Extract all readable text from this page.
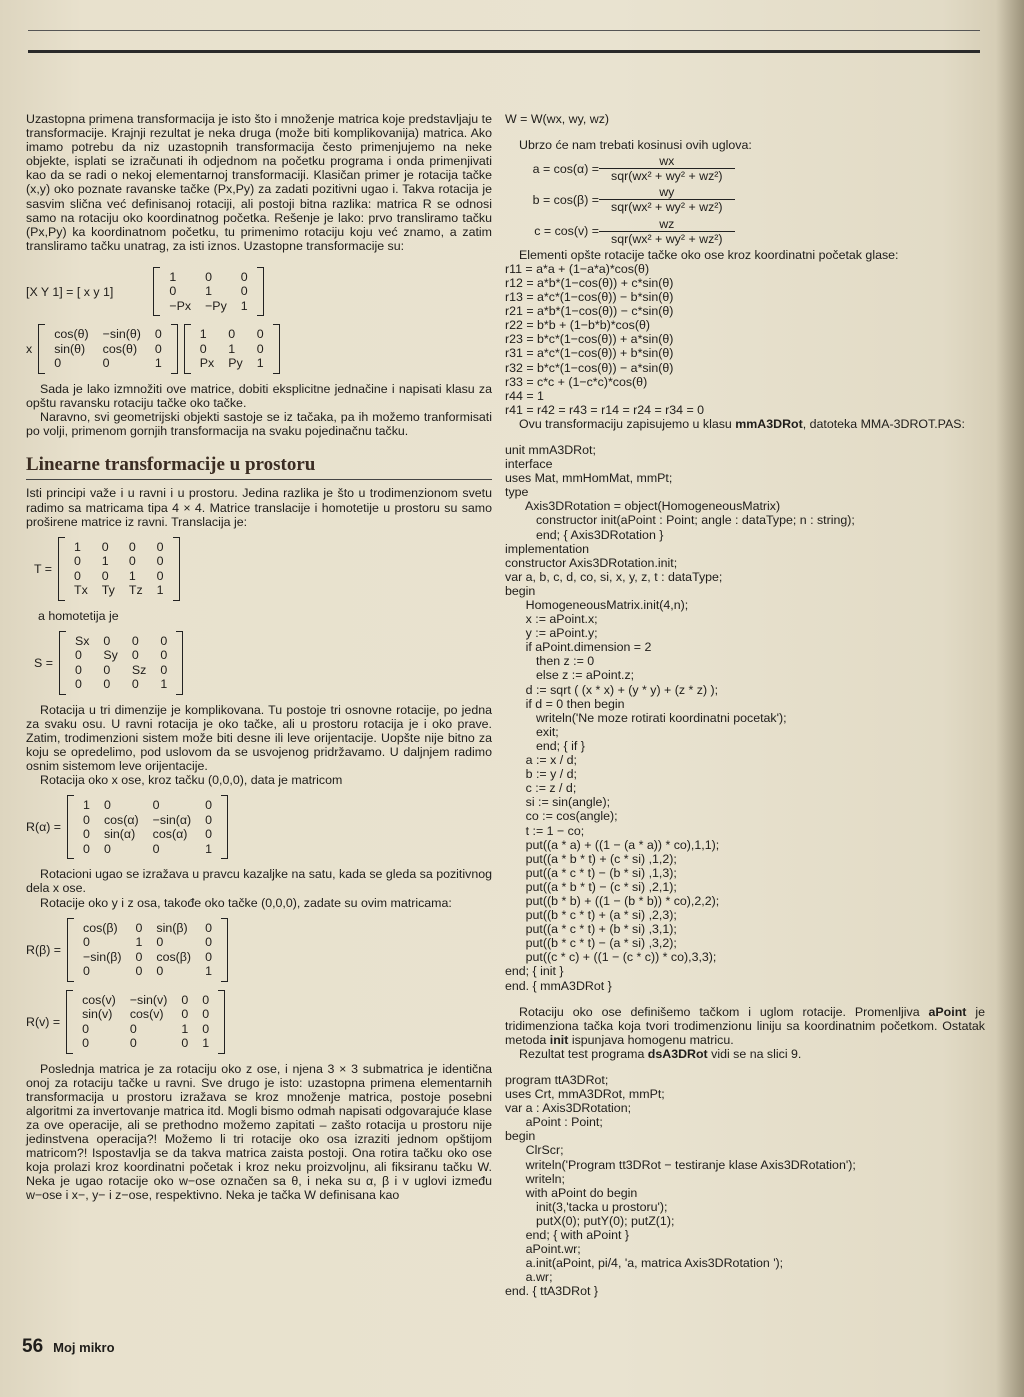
Uzastopna primena transformacija je isto što i množenje matrica koje predstavljaju te transformacije. Krajnji rezultat je neka druga (može biti komplikovanija) matrica. Ako imamo potrebu da niz uzastopnih transformacija često primenjujemo na neke objekte, isplati se izračunati ih odjednom na početku programa i onda primenjivati kao da se radi o nekoj elementarnoj transformaciji. Klasičan primer je rotacija tačke (x,y) oko poznate ravanske tačke (Px,Py) za zadati pozitivni ugao i. Takva rotacija je sasvim slična već definisanoj rotaciji, ali postoji bitna razlika: matrica R se odnosi samo na rotaciju oko koordinatnog početka. Rešenje je lako: prvo transliramo tačku (Px,Py) ka koordinatnom početku, tu primenimo rotaciju koju već znamo, a zatim transliramo tačku unatrag, za isti iznos. Uzastopne transformacije su:

[X Y 1] = [ x y 1]
1	0	0
0	1	0
−Px	−Py	1
x
cos(θ)	−sin(θ)	0
sin(θ)	cos(θ)	0
0	0	1
1	0	0
0	1	0
Px	Py	1

Sada je lako izmnožiti ove matrice, dobiti eksplicitne jednačine i napisati klasu za opštu ravansku rotaciju tačke oko tačke.

Naravno, svi geometrijski objekti sastoje se iz tačaka, pa ih možemo tranformisati po volji, primenom gornjih transformacija na svaku pojedinačnu tačku.

Linearne transformacije u prostoru

Isti principi važe i u ravni i u prostoru. Jedina razlika je što u trodimenzionom svetu radimo sa matricama tipa 4 × 4. Matrice translacije i homotetije u prostoru su samo proširene matrice iz ravni. Translacija je:

T =
1	0	0	0
0	1	0	0
0	0	1	0
Tx	Ty	Tz	1

a homotetija je

S =
Sx	0	0	0
0	Sy	0	0
0	0	Sz	0
0	0	0	1

Rotacija u tri dimenzije je komplikovana. Tu postoje tri osnovne rotacije, po jedna za svaku osu. U ravni rotacija je oko tačke, ali u prostoru rotacija je i oko prave. Zatim, trodimenzioni sistem može biti desne ili leve orijentacije. Uopšte nije bitno za koju se opredelimo, pod uslovom da se usvojenog pridržavamo. U daljnjem radimo osnim sistemom leve orijentacije.

Rotacija oko x ose, kroz tačku (0,0,0), data je matricom

R(α) =
1	0	0	0
0	cos(α)	−sin(α)	0
0	sin(α)	cos(α)	0
0	0	0	1

Rotacioni ugao se izražava u pravcu kazaljke na satu, kada se gleda sa pozitivnog dela x ose.

Rotacije oko y i z osa, takođe oko tačke (0,0,0), zadate su ovim matricama:

R(β) =
cos(β)	0	sin(β)	0
0	1	0	0
−sin(β)	0	cos(β)	0
0	0	0	1
R(v) =
cos(v)	−sin(v)	0	0
sin(v)	cos(v)	0	0
0	0	1	0
0	0	0	1

Poslednja matrica je za rotaciju oko z ose, i njena 3 × 3 submatrica je identična onoj za rotaciju tačke u ravni. Sve drugo je isto: uzastopna primena elementarnih transformacija u prostoru izražava se kroz množenje matrica, postoje posebni algoritmi za invertovanje matrica itd. Mogli bismo odmah napisati odgovarajuće klase za ove operacije, ali se prethodno možemo zapitati – zašto rotacija u prostoru nije jedinstvena operacija?! Možemo li tri rotacije oko osa izraziti jednom opštijom matricom?! Ispostavlja se da takva matrica zaista postoji. Ona rotira tačku oko ose koja prolazi kroz koordinatni početak i kroz neku proizvoljnu, ali fiksiranu tačku W. Neka je ugao rotacije oko w−ose označen sa θ, i neka su α, β i v uglovi između w−ose i x−, y− i z−ose, respektivno. Neka je tačka W definisana kao

W = W(wx, wy, wz)

Ubrzo će nam trebati kosinusi ovih uglova:

$a = \cos(\alpha) = \frac{wx}{\text{sqr(wx² + wy² + wz²)}}$
$b = \cos(\beta) = \frac{wy}{\text{sqr(wx² + wy² + wz²)}}$
$c = \cos(v) = \frac{wz}{\text{sqr(wx² + wy² + wz²)}}$

Elementi opšte rotacije tačke oko ose kroz koordinatni početak glase:

r11 = a*a + (1−a*a)*cos(θ)
r12 = a*b*(1−cos(θ)) + c*sin(θ)
r13 = a*c*(1−cos(θ)) − b*sin(θ)
r21 = a*b*(1−cos(θ)) − c*sin(θ)
r22 = b*b + (1−b*b)*cos(θ)
r23 = b*c*(1−cos(θ)) + a*sin(θ)
r31 = a*c*(1−cos(θ)) + b*sin(θ)
r32 = b*c*(1−cos(θ)) − a*sin(θ)
r33 = c*c + (1−c*c)*cos(θ)
r44 = 1
r41 = r42 = r43 = r14 = r24 = r34 = 0

Ovu transformaciju zapisujemo u klasu mmA3DRot, datoteka MMA-3DROT.PAS:

unit mmA3DRot;
interface
uses Mat, mmHomMat, mmPt;
type
Axis3DRotation = object(HomogeneousMatrix)
constructor init(aPoint : Point; angle : dataType; n : string);
end; { Axis3DRotation }
implementation
constructor Axis3DRotation.init;
var a, b, c, d, co, si, x, y, z, t : dataType;
begin
HomogeneousMatrix.init(4,n);
x := aPoint.x;
y := aPoint.y;
if aPoint.dimension = 2
then z := 0
else z := aPoint.z;
d := sqrt ( (x * x) + (y * y) + (z * z) );
if d = 0 then begin
writeln('Ne moze rotirati koordinatni pocetak');
exit;
end; { if }
a := x / d;
b := y / d;
c := z / d;
si := sin(angle);
co := cos(angle);
t := 1 − co;
put((a * a) + ((1 − (a * a)) * co),1,1);
put((a * b * t) + (c * si) ,1,2);
put((a * c * t) − (b * si) ,1,3);
put((a * b * t) − (c * si) ,2,1);
put((b * b) + ((1 − (b * b)) * co),2,2);
put((b * c * t) + (a * si) ,2,3);
put((a * c * t) + (b * si) ,3,1);
put((b * c * t) − (a * si) ,3,2);
put((c * c) + ((1 − (c * c)) * co),3,3);
end; { init }
end. { mmA3DRot }

Rotaciju oko ose definišemo tačkom i uglom rotacije. Promenljiva aPoint je tridimenziona tačka koja tvori trodimenzionu liniju sa koordinatnim početkom. Ostatak metoda init ispunjava homogenu matricu.

Rezultat test programa dsA3DRot vidi se na slici 9.

program ttA3DRot;
uses Crt, mmA3DRot, mmPt;
var a : Axis3DRotation;
aPoint : Point;
begin
ClrScr;
writeln('Program tt3DRot − testiranje klase Axis3DRotation');
writeln;
with aPoint do begin
init(3,'tacka u prostoru');
putX(0); putY(0); putZ(1);
end; { with aPoint }
aPoint.wr;
a.init(aPoint, pi/4, 'a, matrica Axis3DRotation ');
a.wr;
end. { ttA3DRot }
56 Moj mikro
